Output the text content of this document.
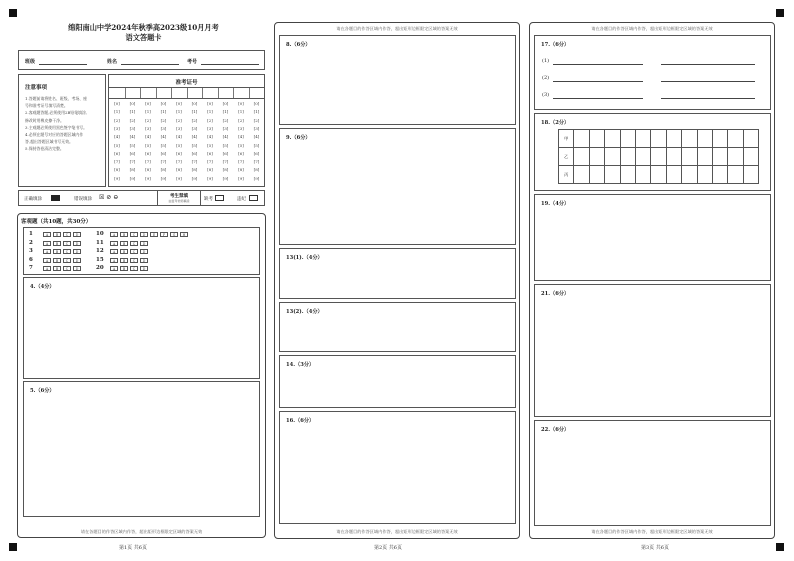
绵阳南山中学2024年秋季高2023级10月月考
语文答题卡
班级	姓名	考号
注意事项
1.答题前请将姓名、班级、考场、座
号和准考证号填写清楚。
2.客观题答题,必须使用2B铅笔填涂,
修改时用橡皮擦干净。
3.主观题必须使用黑色签字笔书写。
4.必须在题号对应的答题区域内作
答,超出答题区域书写无效。
5.保持答卷清洁完整。
准考证号
[0]	[0]	[0]	[0]	[0]	[0]	[0]	[0]	[0]	[0]
[1]	[1]	[1]	[1]	[1]	[1]	[1]	[1]	[1]	[1]
[2]	[2]	[2]	[2]	[2]	[2]	[2]	[2]	[2]	[2]
[3]	[3]	[3]	[3]	[3]	[3]	[3]	[3]	[3]	[3]
[4]	[4]	[4]	[4]	[4]	[4]	[4]	[4]	[4]	[4]
[5]	[5]	[5]	[5]	[5]	[5]	[5]	[5]	[5]	[5]
[6]	[6]	[6]	[6]	[6]	[6]	[6]	[6]	[6]	[6]
[7]	[7]	[7]	[7]	[7]	[7]	[7]	[7]	[7]	[7]
[8]	[8]	[8]	[8]	[8]	[8]	[8]	[8]	[8]	[8]
[9]	[9]	[9]	[9]	[9]	[9]	[9]	[9]	[9]	[9]
正确填涂	错误填涂 ☒ ⊘ ⊖	考生禁填
由监考老师填涂	缺考	违纪
客观题（共10题，共30分）
1	A	B	C	D
2	A	B	C	D
3	A	B	C	D
6	A	B	C	D
7	A	B	C	D
10	A	B	C	D	E	F	G	H
11	A	B	C	D
12	A	B	C	D
15	A	B	C	D
20	A	B	C	D
4.（4分）
5.（6分）
请在各题目的作答区域内作答，超出矩形边框限定区域的答案无效
第1页 共6页
请在各题目的作答区域内作答，超出矩形边框限定区域的答案无效
8.（6分）
9.（6分）
13(1).（4分）
13(2).（4分）
14.（3分）
16.（6分）
请在各题目的作答区域内作答，超出矩形边框限定区域的答案无效
第2页 共6页
请在各题目的作答区域内作答，超出矩形边框限定区域的答案无效
17.（6分）
(1)
(2)
(3)
18.（2分）
甲												
乙												
丙												
19.（4分）
21.（6分）
22.（6分）
请在各题目的作答区域内作答，超出矩形边框限定区域的答案无效
第3页 共6页
